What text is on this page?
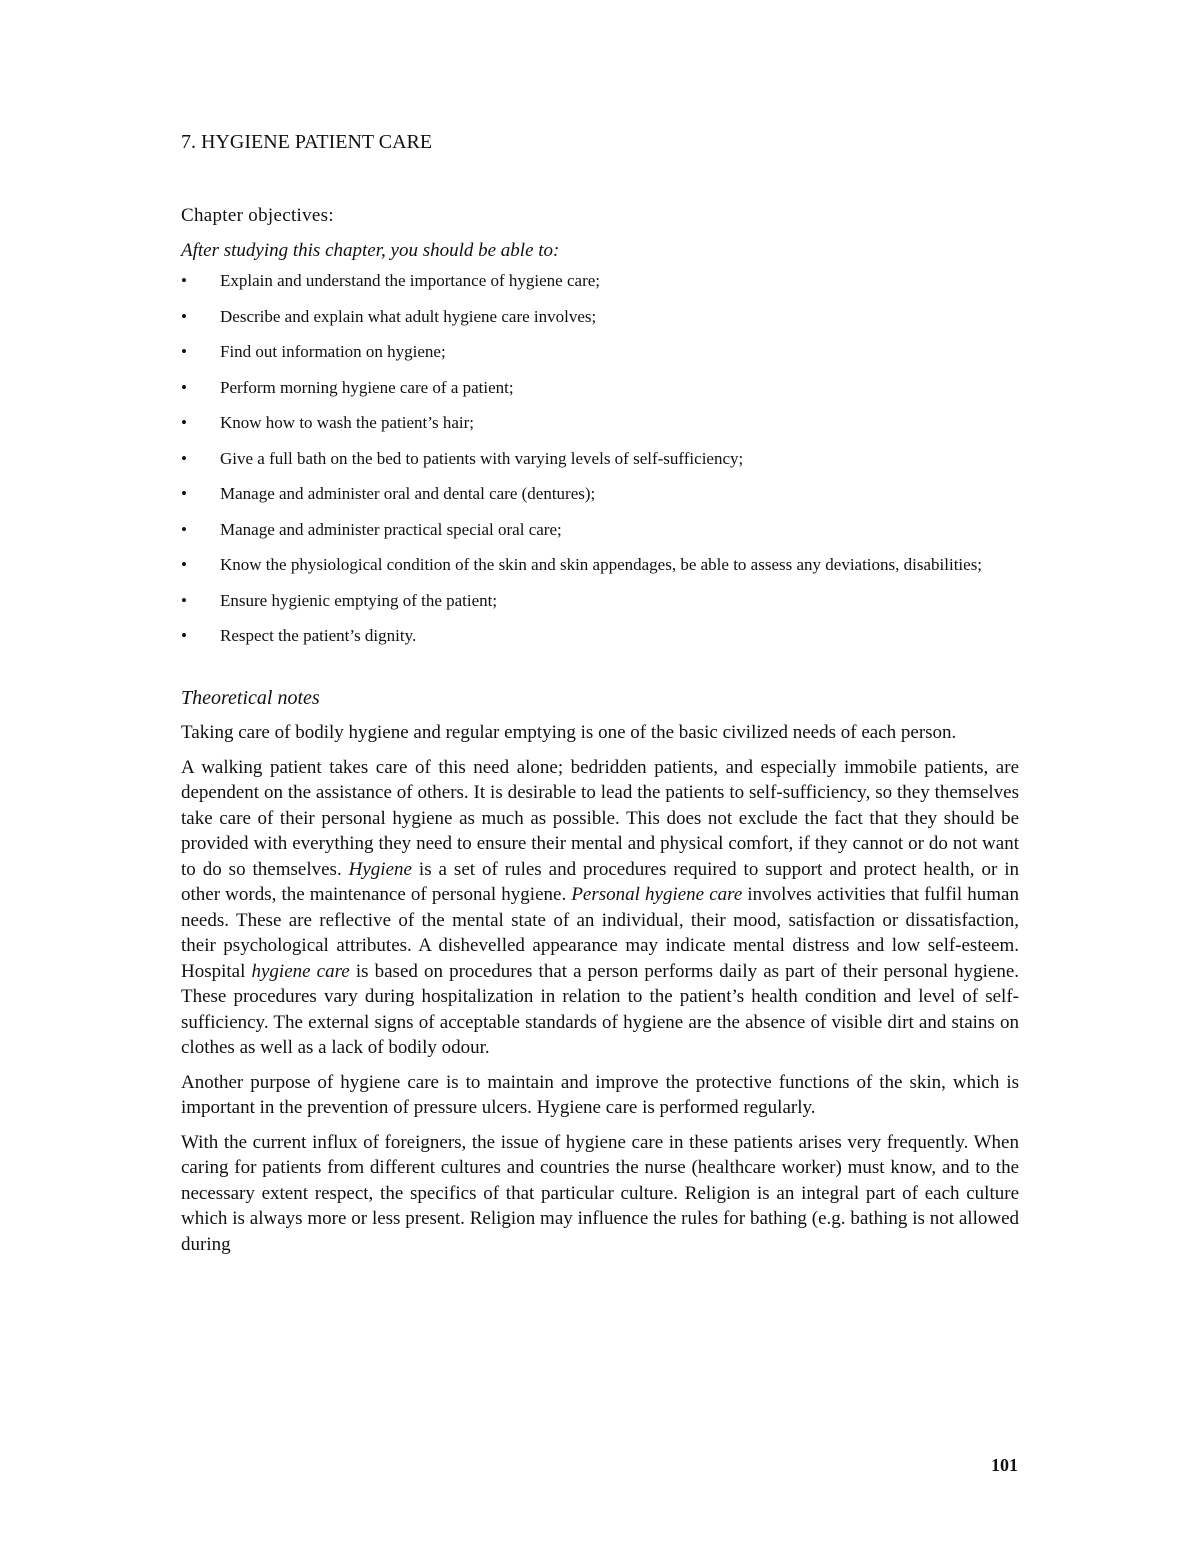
7. HYGIENE PATIENT CARE
Chapter objectives:
After studying this chapter, you should be able to:
•	Explain and understand the importance of hygiene care;
•	Describe and explain what adult hygiene care involves;
•	Find out information on hygiene;
•	Perform morning hygiene care of a patient;
•	Know how to wash the patient’s hair;
•	Give a full bath on the bed to patients with varying levels of self-sufficiency;
•	Manage and administer oral and dental care (dentures);
•	Manage and administer practical special oral care;
•	Know the physiological condition of the skin and skin appendages, be able to assess any deviations, disabilities;
•	Ensure hygienic emptying of the patient;
•	Respect the patient’s dignity.
Theoretical notes

Taking care of bodily hygiene and regular emptying is one of the basic civilized needs of each person.

A walking patient takes care of this need alone; bedridden patients, and especially immobile patients, are dependent on the assistance of others. It is desirable to lead the patients to self-sufficiency, so they themselves take care of their personal hygiene as much as possible. This does not exclude the fact that they should be provided with everything they need to ensure their mental and physical comfort, if they cannot or do not want to do so themselves. Hygiene is a set of rules and procedures required to support and protect health, or in other words, the maintenance of personal hygiene. Personal hygiene care involves activities that fulfil human needs. These are reflective of the mental state of an individual, their mood, satisfaction or dissatisfaction, their psychological attributes. A dishevelled appearance may indicate mental distress and low self-esteem. Hospital hygiene care is based on procedures that a person performs daily as part of their personal hygiene. These procedures vary during hospitalization in relation to the patient’s health condition and level of self-sufficiency. The external signs of acceptable standards of hygiene are the absence of visible dirt and stains on clothes as well as a lack of bodily odour.

Another purpose of hygiene care is to maintain and improve the protective functions of the skin, which is important in the prevention of pressure ulcers. Hygiene care is performed regularly.

With the current influx of foreigners, the issue of hygiene care in these patients arises very frequently. When caring for patients from different cultures and countries the nurse (healthcare worker) must know, and to the necessary extent respect, the specifics of that particular culture. Religion is an integral part of each culture which is always more or less present. Religion may influence the rules for bathing (e.g. bathing is not allowed during

101
